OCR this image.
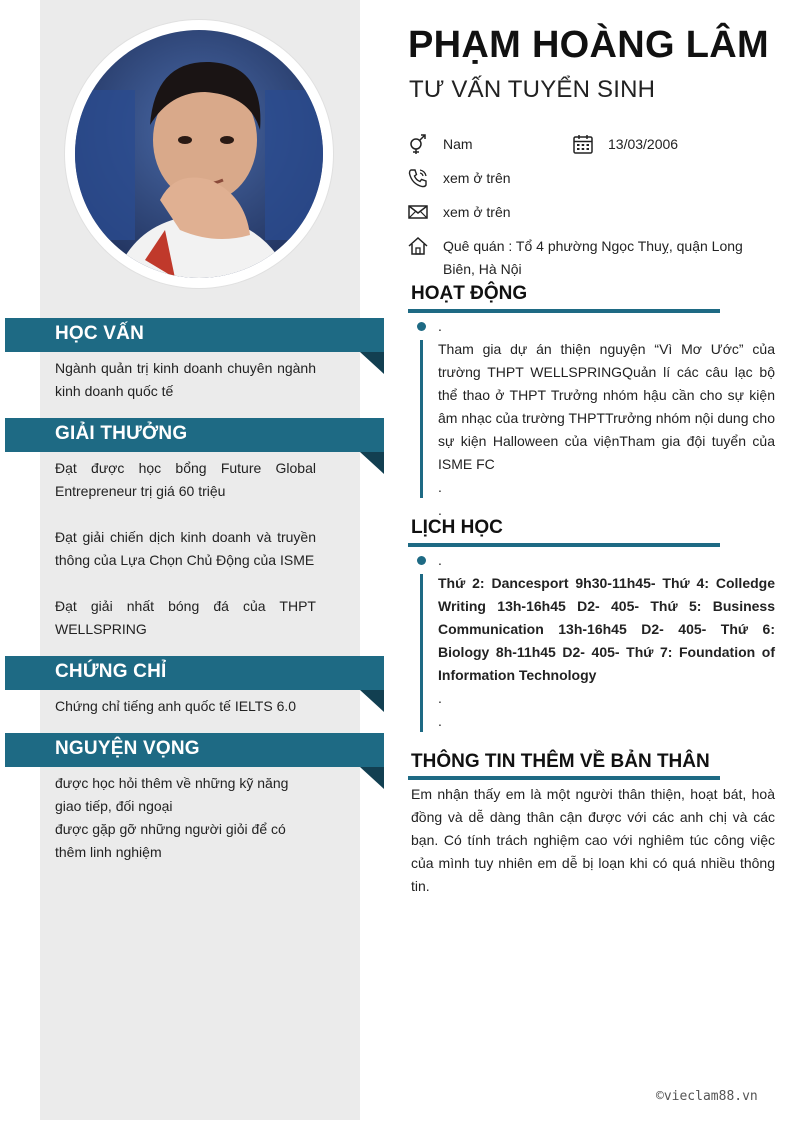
HỌC VẤN
Ngành quản trị kinh doanh chuyên ngành kinh doanh quốc tế
GIẢI THƯỞNG

Đạt được học bổng Future Global Entrepreneur trị giá 60 triệu

Đạt giải chiến dịch kinh doanh và truyền thông của Lựa Chọn Chủ Động của ISME

Đạt giải nhất bóng đá của THPT WELLSPRING

CHỨNG CHỈ
Chứng chỉ tiếng anh quốc tế IELTS 6.0
NGUYỆN VỌNG

được học hỏi thêm về những kỹ năng giao tiếp, đối ngoại

được gặp gỡ những người giỏi để có thêm linh nghiệm

PHẠM HOÀNG LÂM
TƯ VẤN TUYỂN SINH
Nam	13/03/2006
xem ở trên
xem ở trên
Quê quán : Tổ 4 phường Ngọc Thuỵ, quận Long Biên, Hà Nội
HOẠT ĐỘNG
.
Tham gia dự án thiện nguyện “Vì Mơ Ước” của trường THPT WELLSPRINGQuản lí các câu lạc bộ thể thao ở THPT Trưởng nhóm hậu cần cho sự kiện âm nhạc của trường THPTTrưởng nhóm nội dung cho sự kiện Halloween của việnTham gia đội tuyển của ISME FC
.
.
LỊCH HỌC
.
Thứ 2: Dancesport 9h30-11h45- Thứ 4: Colledge Writing 13h-16h45 D2- 405- Thứ 5: Business Communication 13h-16h45 D2- 405- Thứ 6: Biology 8h-11h45 D2- 405- Thứ 7: Foundation of Information Technology
.
.
THÔNG TIN THÊM VỀ BẢN THÂN
Em nhận thấy em là một người thân thiện, hoạt bát, hoà đồng và dễ dàng thân cận được với các anh chị và các bạn. Có tính trách nghiệm cao với nghiêm túc công việc của mình tuy nhiên em dễ bị loạn khi có quá nhiều thông tin.
©vieclam88.vn
